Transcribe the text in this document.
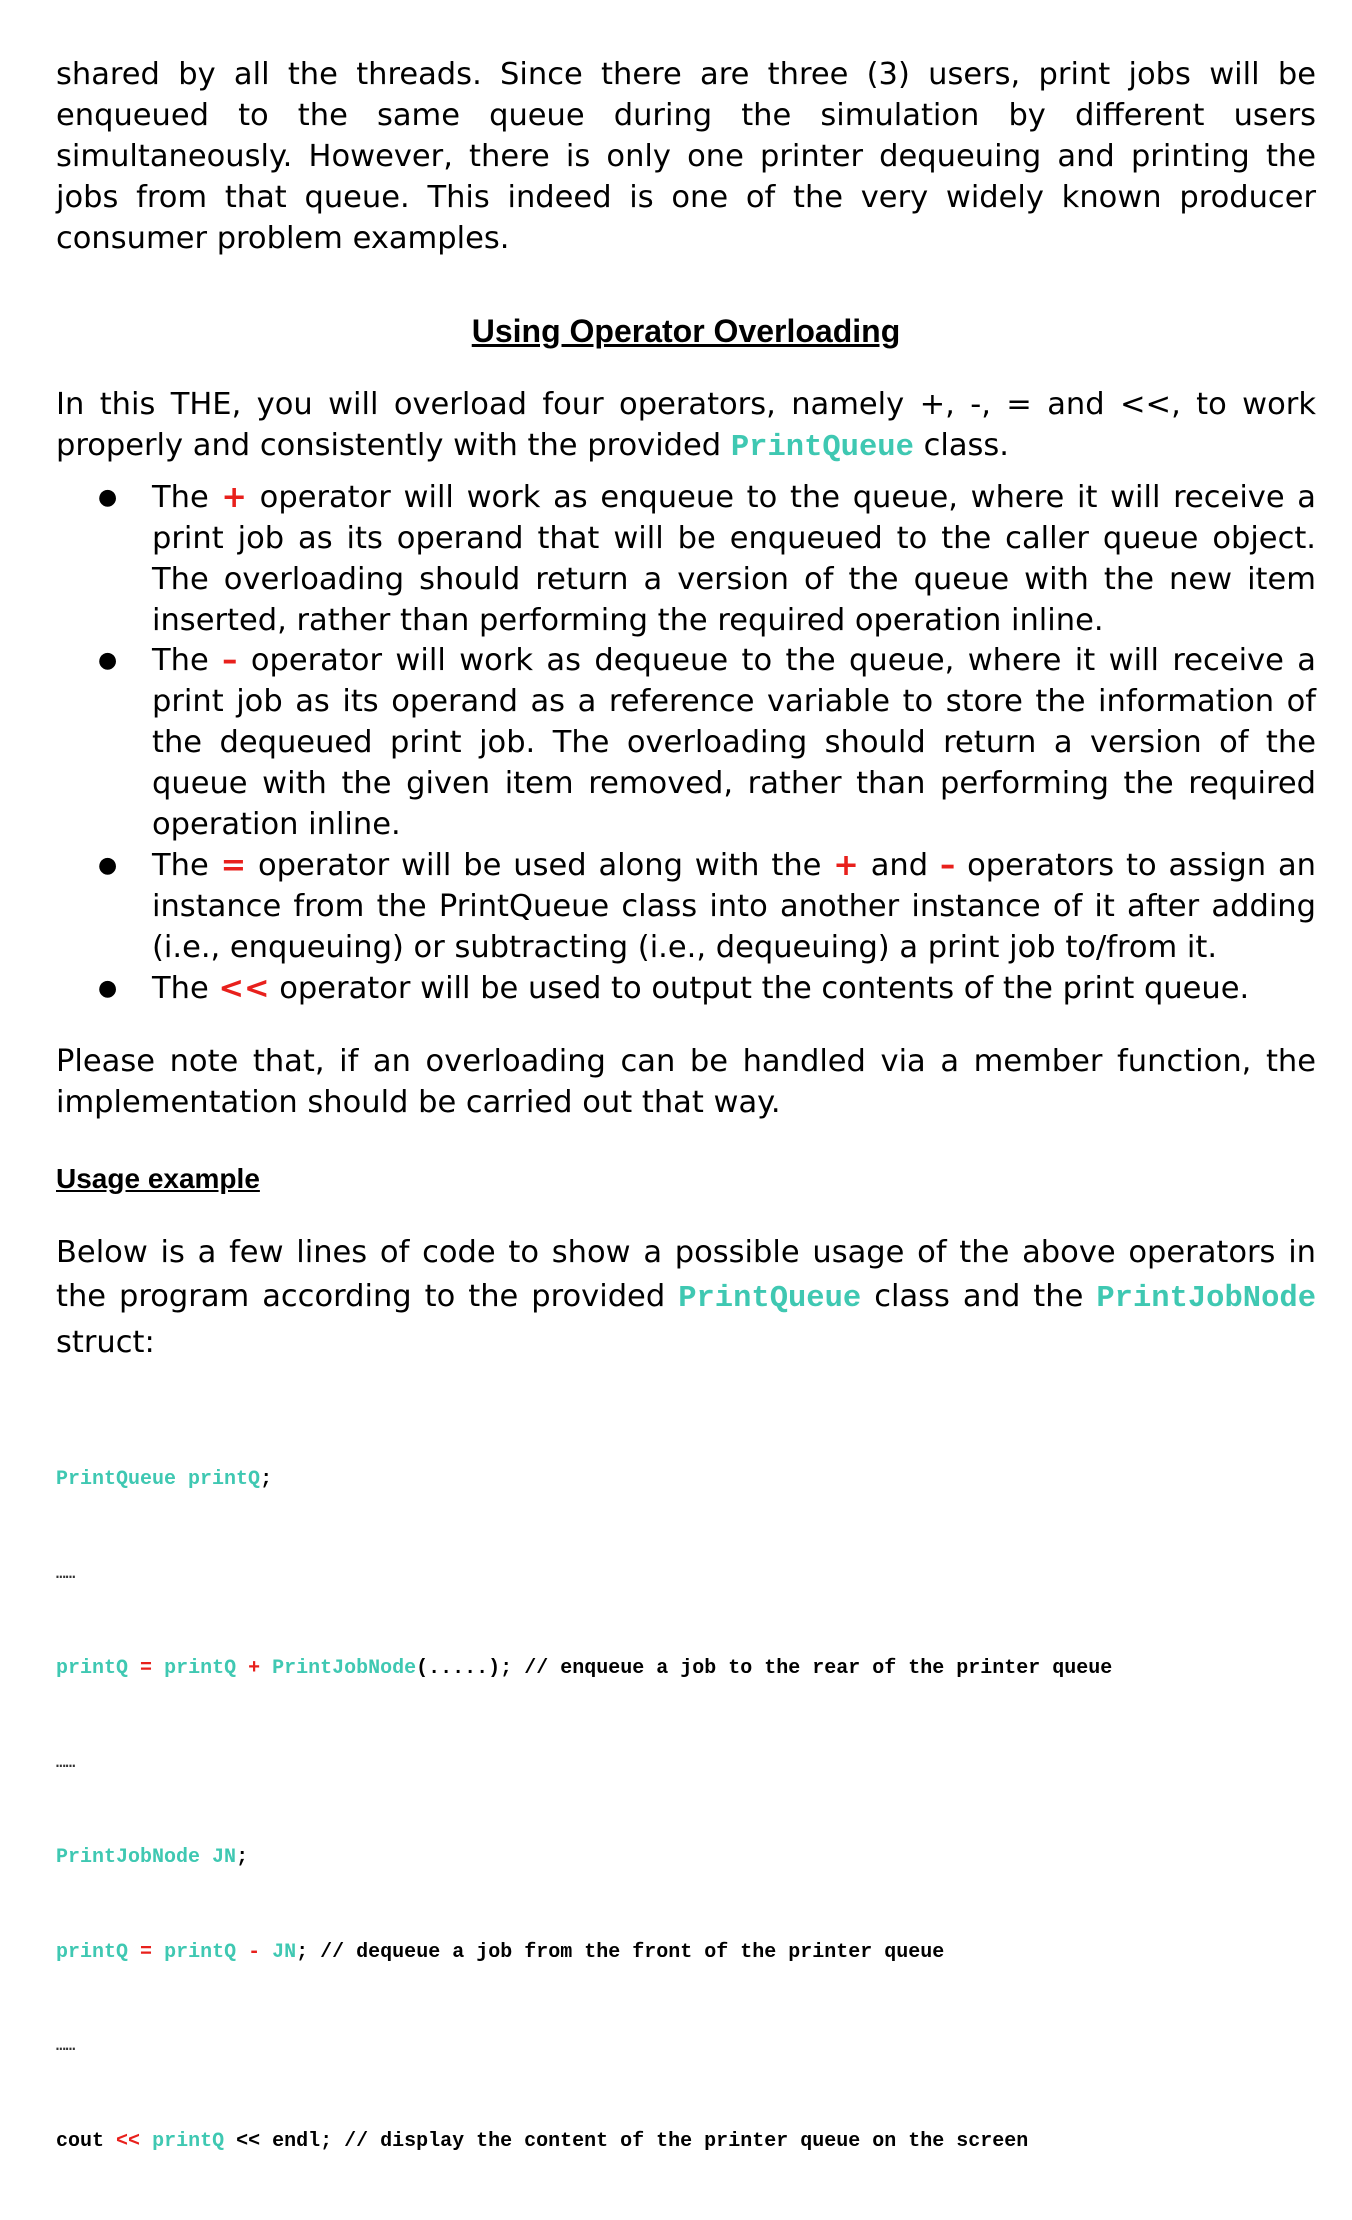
shared by all the threads. Since there are three (3) users, print jobs will be enqueued to the same queue during the simulation by different users simultaneously. However, there is only one printer dequeuing and printing the jobs from that queue. This indeed is one of the very widely known producer consumer problem examples.

Using Operator Overloading

In this THE, you will overload four operators, namely +, -, = and <<, to work properly and consistently with the provided PrintQueue class.

● The + operator will work as enqueue to the queue, where it will receive a print job as its operand that will be enqueued to the caller queue object. The overloading should return a version of the queue with the new item inserted, rather than performing the required operation inline.
● The – operator will work as dequeue to the queue, where it will receive a print job as its operand as a reference variable to store the information of the dequeued print job. The overloading should return a version of the queue with the given item removed, rather than performing the required operation inline.
● The = operator will be used along with the + and – operators to assign an instance from the PrintQueue class into another instance of it after adding (i.e., enqueuing) or subtracting (i.e., dequeuing) a print job to/from it.
● The << operator will be used to output the contents of the print queue.

Please note that, if an overloading can be handled via a member function, the implementation should be carried out that way.

Usage example

Below is a few lines of code to show a possible usage of the above operators in the program according to the provided PrintQueue class and the PrintJobNode struct:

PrintQueue printQ;

……

printQ = printQ + PrintJobNode(.....); // enqueue a job to the rear of the printer queue

……

PrintJobNode JN;

printQ = printQ - JN; // dequeue a job from the front of the printer queue

……

cout << printQ << endl; // display the content of the printer queue on the screen
